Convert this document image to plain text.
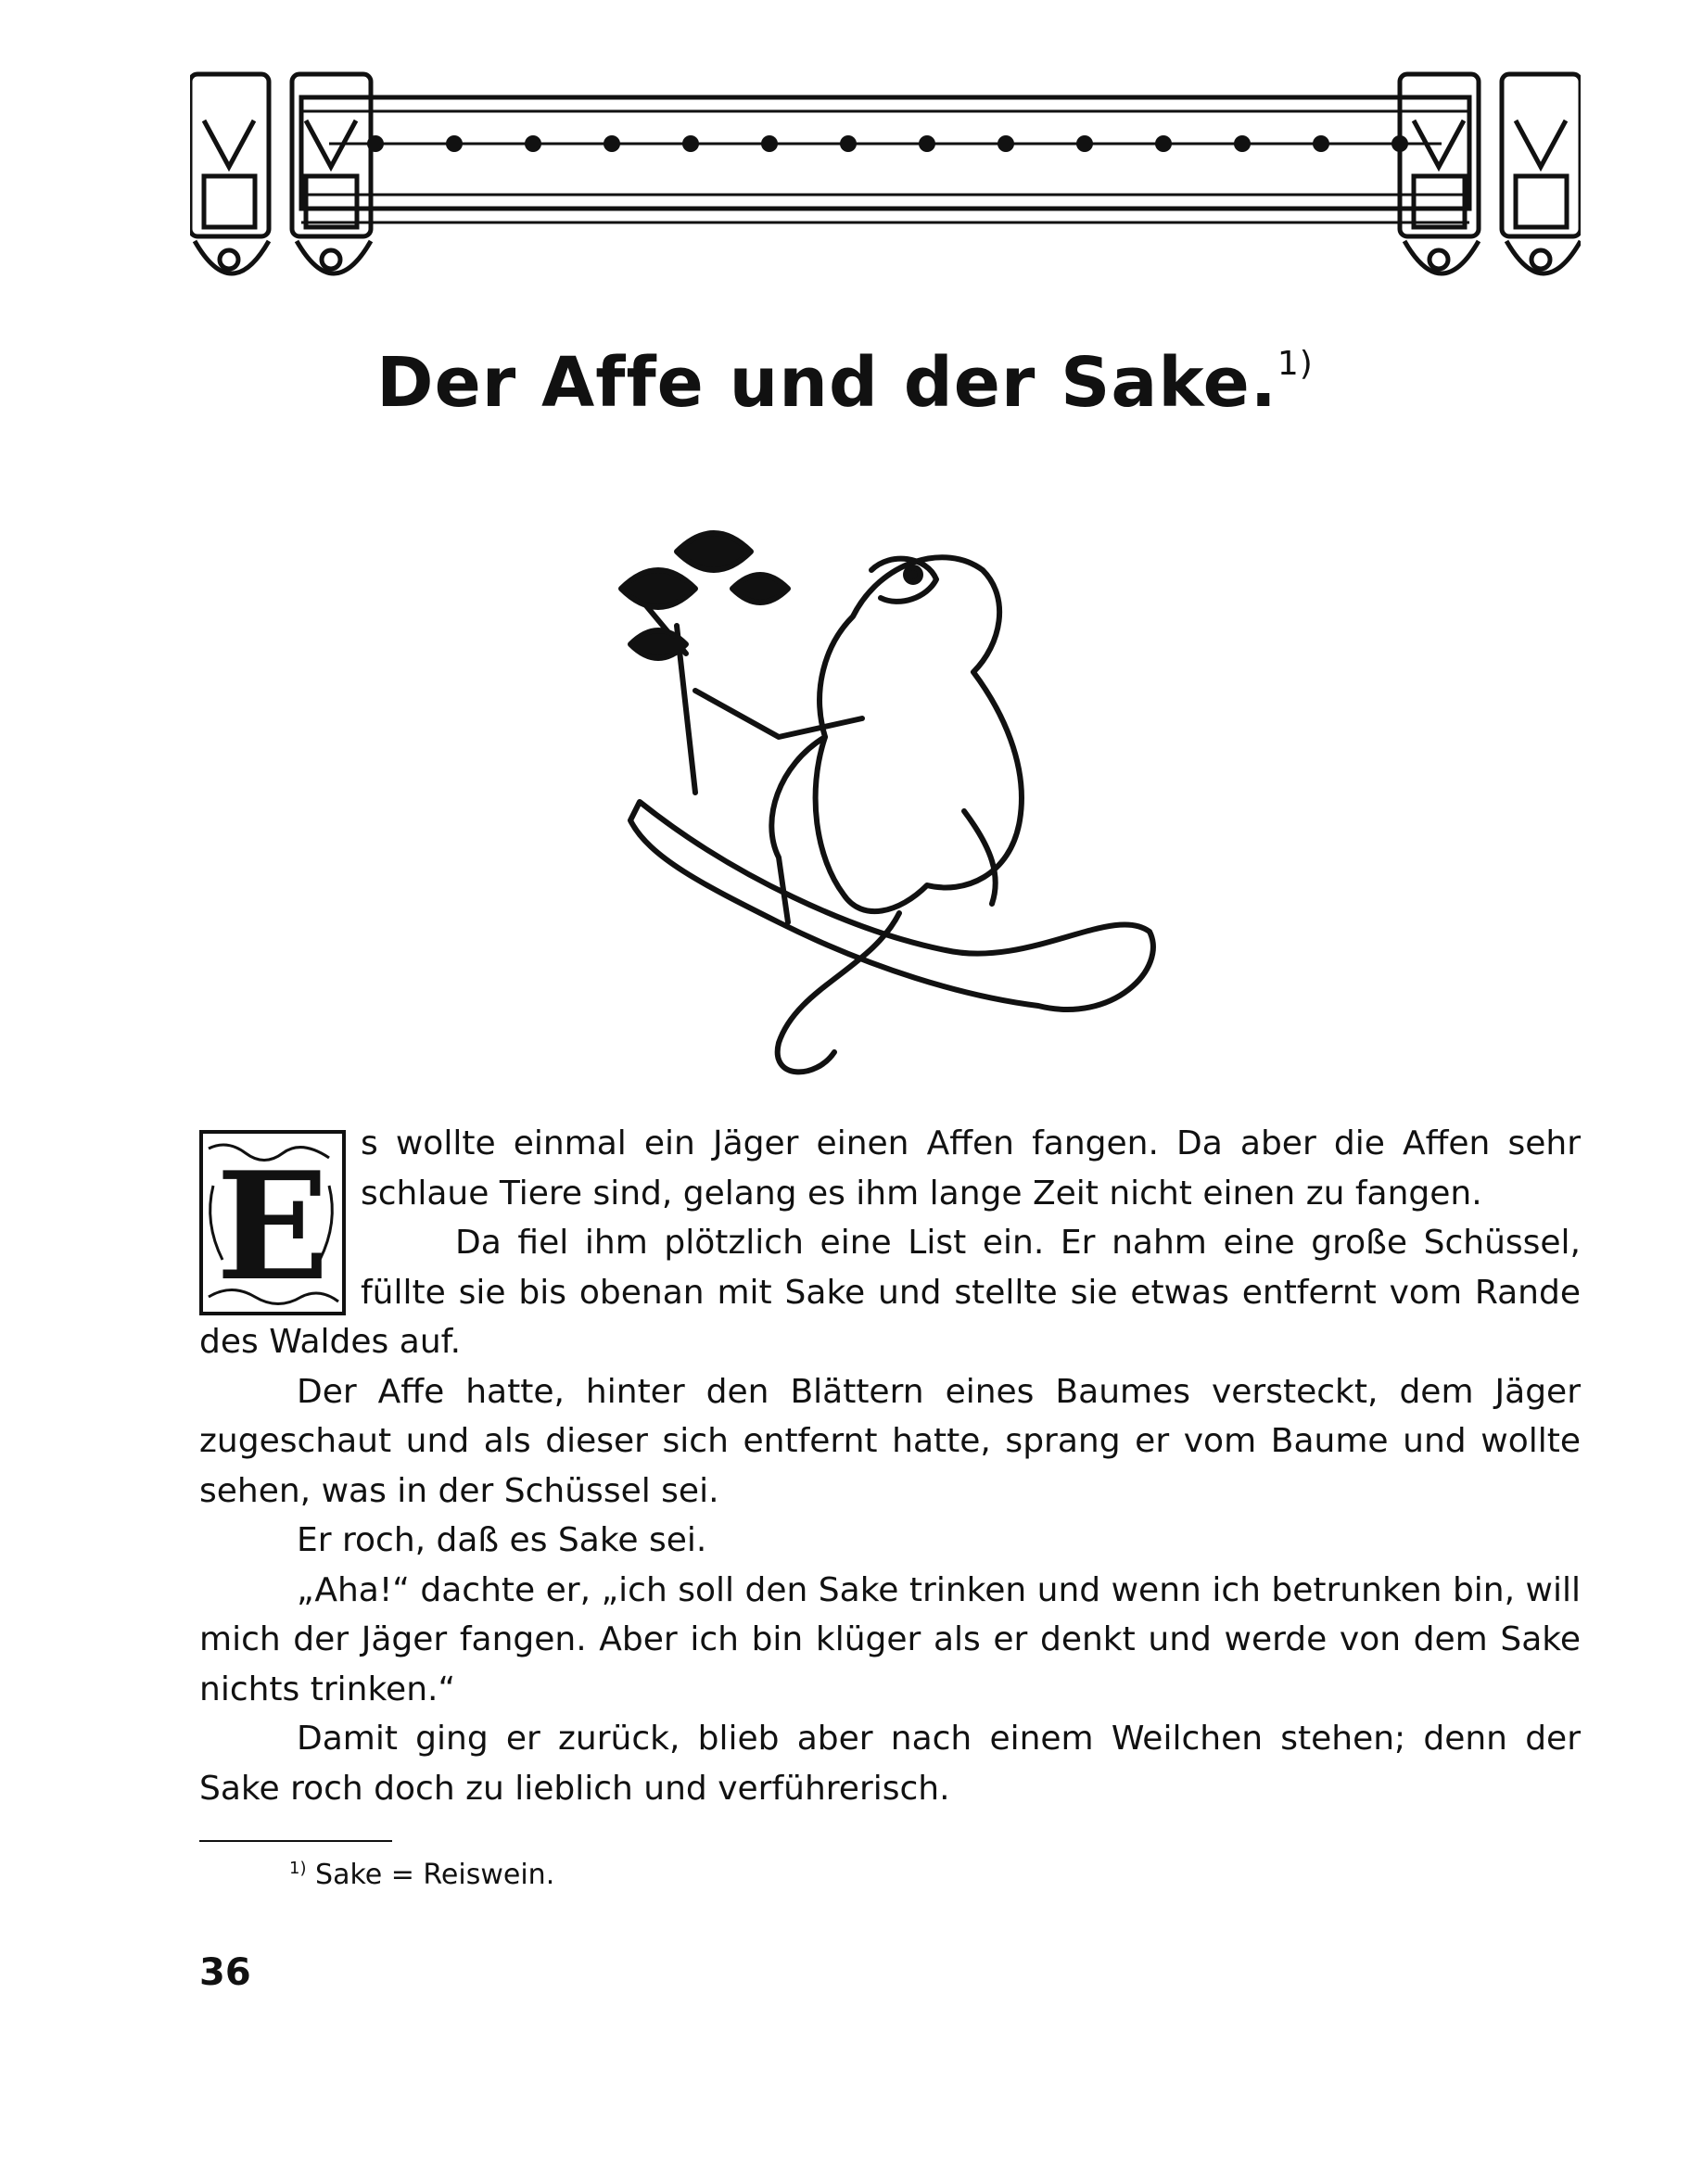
Der Affe und der Sake.$^{1)}$

E s wollte einmal ein Jäger einen Affen fangen. Da aber die Affen sehr schlaue Tiere sind, gelang es ihm lange Zeit nicht einen zu fangen.
Da fiel ihm plötzlich eine List ein. Er nahm eine große Schüssel, füllte sie bis obenan mit Sake und stellte sie etwas entfernt vom Rande des Waldes auf.

Der Affe hatte, hinter den Blättern eines Baumes versteckt, dem Jäger zugeschaut und als dieser sich entfernt hatte, sprang er vom Baume und wollte sehen, was in der Schüssel sei.

Er roch, daß es Sake sei.

„Aha!“ dachte er, „ich soll den Sake trinken und wenn ich betrunken bin, will mich der Jäger fangen. Aber ich bin klüger als er denkt und werde von dem Sake nichts trinken.“

Damit ging er zurück, blieb aber nach einem Weilchen stehen; denn der Sake roch doch zu lieblich und verführerisch.

$^{1)}$ Sake = Reiswein.
36
